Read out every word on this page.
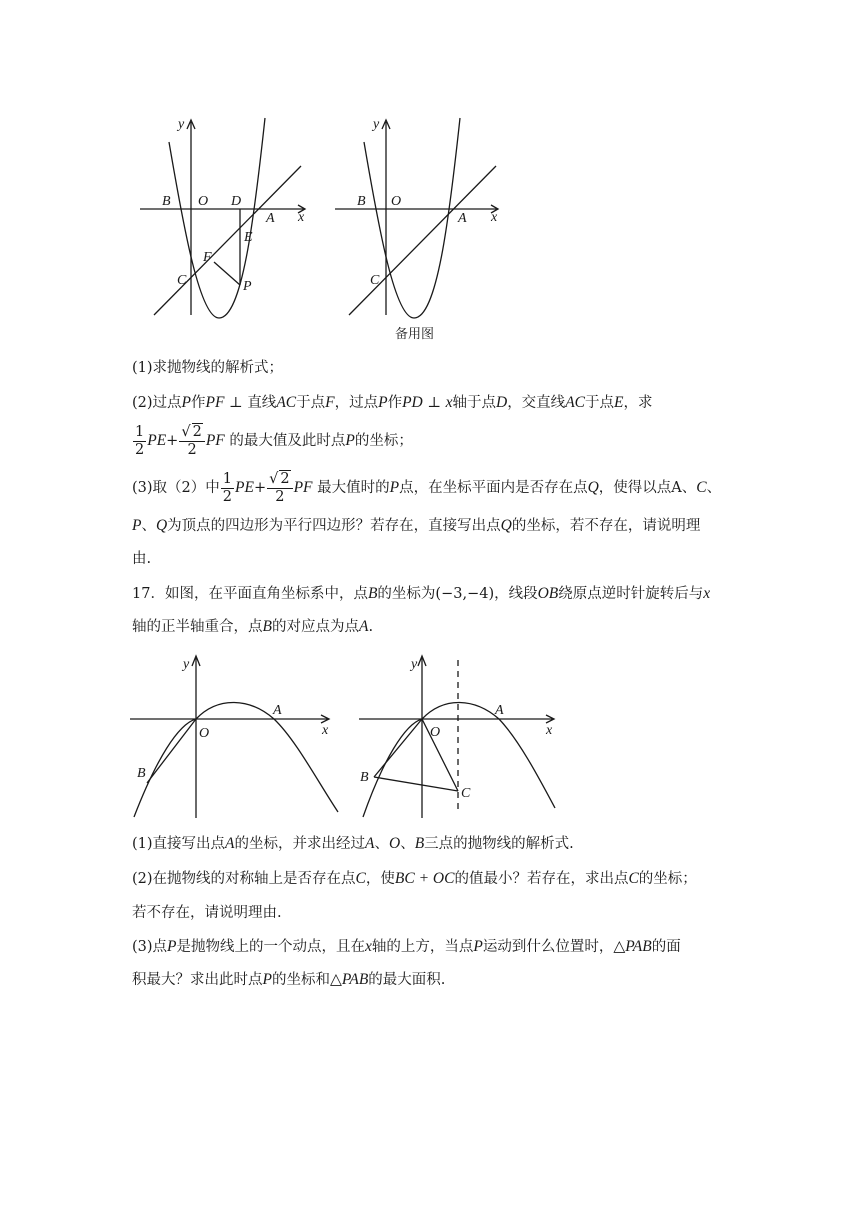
y
x
B O D
A
E
F
C	P
y
x
B O
A
C
备用图
(1)求抛物线的解析式；
(2)过点P作PF ⊥ 直线AC于点F，过点P作PD ⊥ x轴于点D，交直线AC于点E，求
$\frac{1}{2} PE+ \frac{√ 2}{2}$ PF 的最大值及此时点P的坐标；
(3)取（2）中 $\frac{1}{2} PE+ \frac{√ 2}{2}$ PF 最大值时的P点，在坐标平面内是否存在点Q，使得以点A、C、
P、Q为顶点的四边形为平行四边形？若存在，直接写出点Q的坐标，若不存在，请说明理
由.
17．如图，在平面直角坐标系中，点B的坐标为(−3,−4)，线段OB绕原点逆时针旋转后与x
轴的正半轴重合，点B的对应点为点A.
y
x
O
A
B
y
x
O
A
B
C
(1)直接写出点A的坐标，并求出经过A、O、B三点的抛物线的解析式.
(2)在抛物线的对称轴上是否存在点C，使BC + OC的值最小？若存在，求出点C的坐标；
若不存在，请说明理由.
(3)点P是抛物线上的一个动点，且在x轴的上方，当点P运动到什么位置时，△PAB的面
积最大？求出此时点P的坐标和△PAB的最大面积.
